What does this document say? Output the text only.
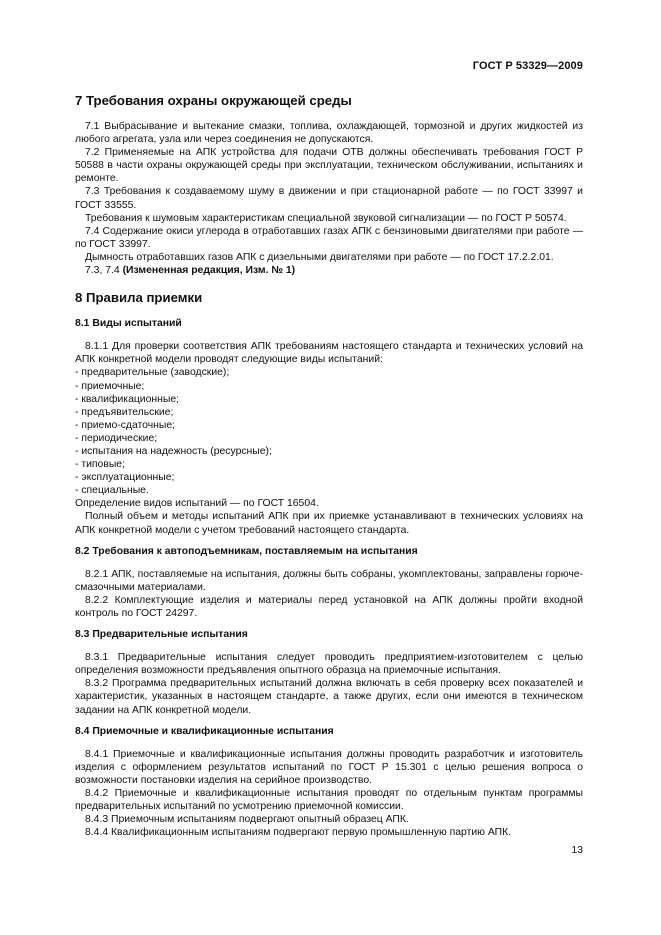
ГОСТ Р 53329—2009
7 Требования охраны окружающей среды

7.1 Выбрасывание и вытекание смазки, топлива, охлаждающей, тормозной и других жидкостей из любого агрегата, узла или через соединения не допускаются.

7.2 Применяемые на АПК устройства для подачи ОТВ должны обеспечивать требования ГОСТ Р 50588 в части охраны окружающей среды при эксплуатации, техническом обслуживании, испытаниях и ремонте.

7.3 Требования к создаваемому шуму в движении и при стационарной работе — по ГОСТ 33997 и ГОСТ 33555.

Требования к шумовым характеристикам специальной звуковой сигнализации — по ГОСТ Р 50574.

7.4 Содержание окиси углерода в отработавших газах АПК с бензиновыми двигателями при работе — по ГОСТ 33997.

Дымность отработавших газов АПК с дизельными двигателями при работе — по ГОСТ 17.2.2.01.

7.3, 7.4 (Измененная редакция, Изм. № 1)

8 Правила приемки
8.1 Виды испытаний

8.1.1 Для проверки соответствия АПК требованиям настоящего стандарта и технических условий на АПК конкретной модели проводят следующие виды испытаний:

- предварительные (заводские);
- приемочные;
- квалификационные;
- предъявительские;
- приемо-сдаточные;
- периодические;
- испытания на надежность (ресурсные);
- типовые;
- эксплуатационные;
- специальные.

Определение видов испытаний — по ГОСТ 16504.

Полный объем и методы испытаний АПК при их приемке устанавливают в технических условиях на АПК конкретной модели с учетом требований настоящего стандарта.

8.2 Требования к автоподъемникам, поставляемым на испытания

8.2.1 АПК, поставляемые на испытания, должны быть собраны, укомплектованы, заправлены горюче-смазочными материалами.

8.2.2 Комплектующие изделия и материалы перед установкой на АПК должны пройти входной контроль по ГОСТ 24297.

8.3 Предварительные испытания

8.3.1 Предварительные испытания следует проводить предприятием-изготовителем с целью определения возможности предъявления опытного образца на приемочные испытания.

8.3.2 Программа предварительных испытаний должна включать в себя проверку всех показателей и характеристик, указанных в настоящем стандарте, а также других, если они имеются в техническом задании на АПК конкретной модели.

8.4 Приемочные и квалификационные испытания

8.4.1 Приемочные и квалификационные испытания должны проводить разработчик и изготовитель изделия с оформлением результатов испытаний по ГОСТ Р 15.301 с целью решения вопроса о возможности постановки изделия на серийное производство.

8.4.2 Приемочные и квалификационные испытания проводят по отдельным пунктам программы предварительных испытаний по усмотрению приемочной комиссии.

8.4.3 Приемочным испытаниям подвергают опытный образец АПК.

8.4.4 Квалификационным испытаниям подвергают первую промышленную партию АПК.

13
